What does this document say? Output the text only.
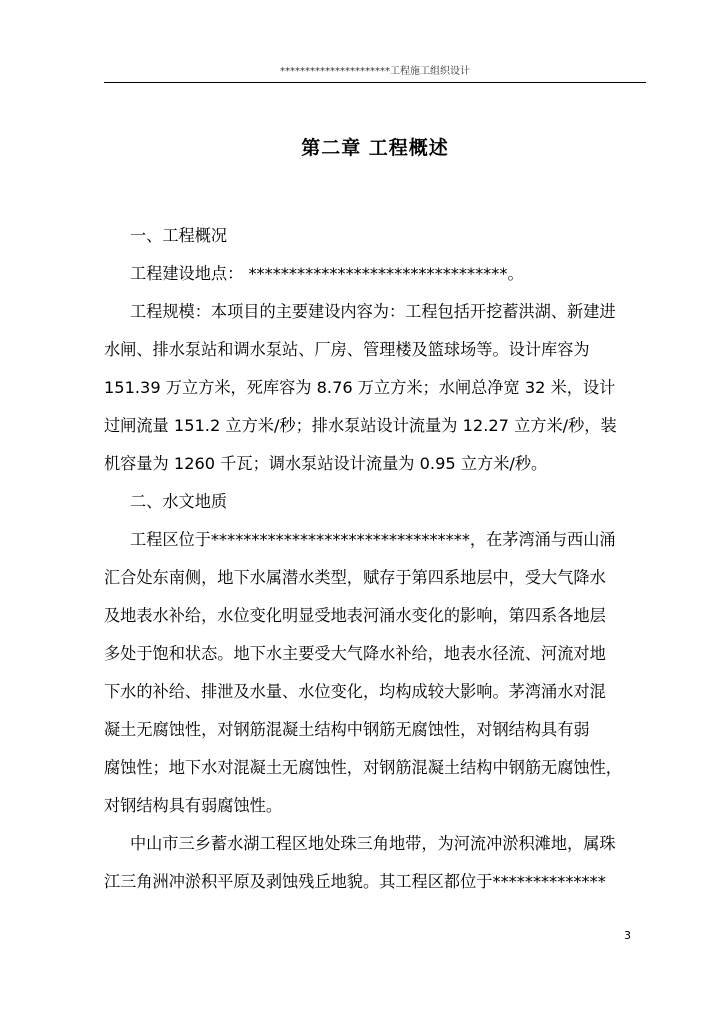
**********************工程施工组织设计
第二章 工程概述
一、工程概况
工程建设地点： ********************************。
工程规模：本项目的主要建设内容为：工程包括开挖蓄洪湖、新建进
水闸、排水泵站和调水泵站、厂房、管理楼及篮球场等。设计库容为
151.39 万立方米，死库容为 8.76 万立方米；水闸总净宽 32 米，设计
过闸流量 151.2 立方米/秒；排水泵站设计流量为 12.27 立方米/秒，装
机容量为 1260 千瓦；调水泵站设计流量为 0.95 立方米/秒。
二、水文地质
工程区位于********************************，在茅湾涌与西山涌
汇合处东南侧，地下水属潜水类型，赋存于第四系地层中，受大气降水
及地表水补给，水位变化明显受地表河涌水变化的影响，第四系各地层
多处于饱和状态。地下水主要受大气降水补给，地表水径流、河流对地
下水的补给、排泄及水量、水位变化，均构成较大影响。茅湾涌水对混
凝土无腐蚀性，对钢筋混凝土结构中钢筋无腐蚀性，对钢结构具有弱
腐蚀性；地下水对混凝土无腐蚀性，对钢筋混凝土结构中钢筋无腐蚀性，
对钢结构具有弱腐蚀性。
中山市三乡蓄水湖工程区地处珠三角地带，为河流冲淤积滩地，属珠
江三角洲冲淤积平原及剥蚀残丘地貌。其工程区都位于**************
3
